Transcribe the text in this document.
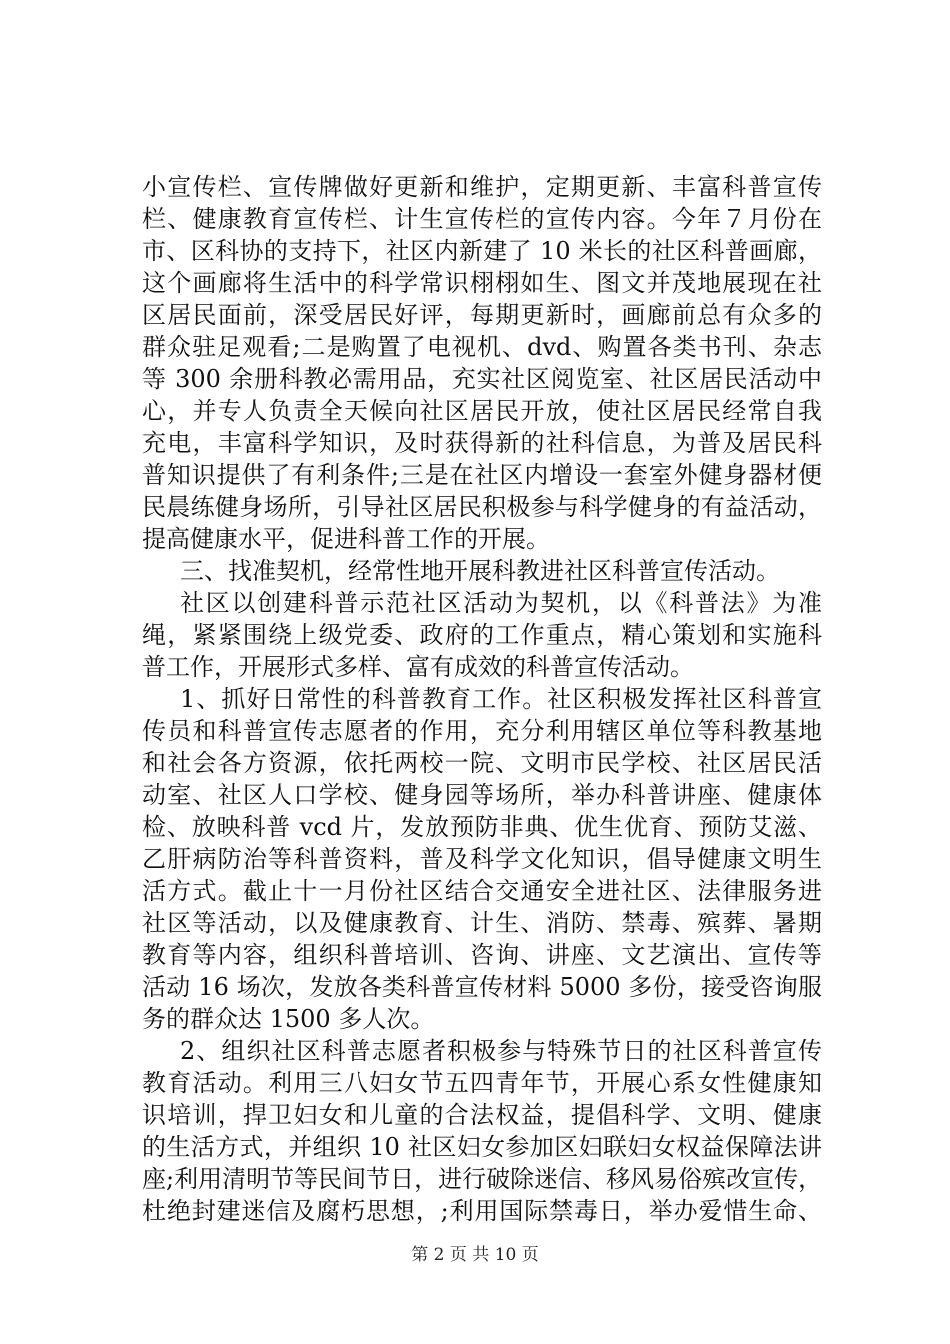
小宣传栏、宣传牌做好更新和维护，定期更新、丰富科普宣传
栏、健康教育宣传栏、计生宣传栏的宣传内容。今年７月份在
市、区科协的支持下，社区内新建了 10 米长的社区科普画廊，
这个画廊将生活中的科学常识栩栩如生、图文并茂地展现在社
区居民面前，深受居民好评，每期更新时，画廊前总有众多的
群众驻足观看;二是购置了电视机、dvd、购置各类书刊、杂志
等 300 余册科教必需用品，充实社区阅览室、社区居民活动中
心，并专人负责全天候向社区居民开放，使社区居民经常自我
充电，丰富科学知识，及时获得新的社科信息，为普及居民科
普知识提供了有利条件;三是在社区内增设一套室外健身器材便
民晨练健身场所，引导社区居民积极参与科学健身的有益活动，
提高健康水平，促进科普工作的开展。
三、找准契机，经常性地开展科教进社区科普宣传活动。
社区以创建科普示范社区活动为契机，以《科普法》为准
绳，紧紧围绕上级党委、政府的工作重点，精心策划和实施科
普工作，开展形式多样、富有成效的科普宣传活动。
1、抓好日常性的科普教育工作。社区积极发挥社区科普宣
传员和科普宣传志愿者的作用，充分利用辖区单位等科教基地
和社会各方资源，依托两校一院、文明市民学校、社区居民活
动室、社区人口学校、健身园等场所，举办科普讲座、健康体
检、放映科普 vcd 片，发放预防非典、优生优育、预防艾滋、
乙肝病防治等科普资料，普及科学文化知识，倡导健康文明生
活方式。截止十一月份社区结合交通安全进社区、法律服务进
社区等活动，以及健康教育、计生、消防、禁毒、殡葬、暑期
教育等内容，组织科普培训、咨询、讲座、文艺演出、宣传等
活动 16 场次，发放各类科普宣传材料 5000 多份，接受咨询服
务的群众达 1500 多人次。
2、组织社区科普志愿者积极参与特殊节日的社区科普宣传
教育活动。利用三八妇女节五四青年节，开展心系女性健康知
识培训，捍卫妇女和儿童的合法权益，提倡科学、文明、健康
的生活方式，并组织 10 社区妇女参加区妇联妇女权益保障法讲
座;利用清明节等民间节日，进行破除迷信、移风易俗殡改宣传，
杜绝封建迷信及腐朽思想，;利用国际禁毒日，举办爱惜生命、
第 2 页 共 10 页
